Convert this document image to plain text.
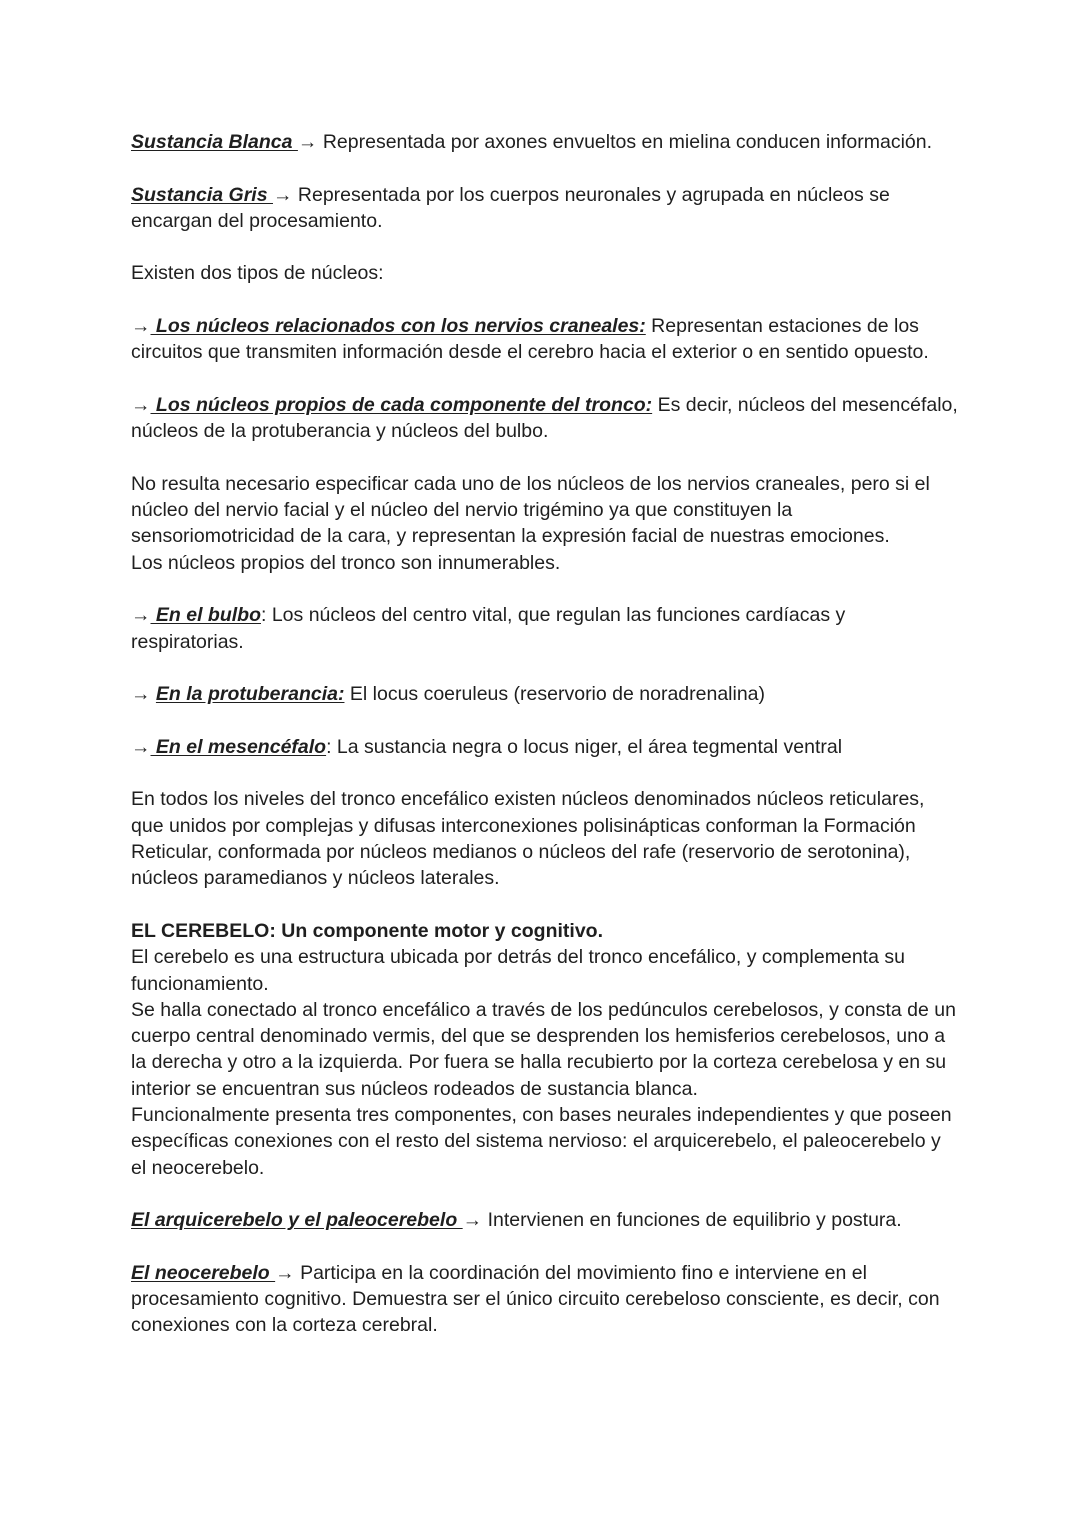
Sustancia Blanca → Representada por axones envueltos en mielina conducen información.

Sustancia Gris → Representada por los cuerpos neuronales y agrupada en núcleos se encargan del procesamiento.

Existen dos tipos de núcleos:

→ Los núcleos relacionados con los nervios craneales: Representan estaciones de los circuitos que transmiten información desde el cerebro hacia el exterior o en sentido opuesto.

→ Los núcleos propios de cada componente del tronco: Es decir, núcleos del mesencéfalo, núcleos de la protuberancia y núcleos del bulbo.

No resulta necesario especificar cada uno de los núcleos de los nervios craneales, pero si el núcleo del nervio facial y el núcleo del nervio trigémino ya que constituyen la sensoriomotricidad de la cara, y representan la expresión facial de nuestras emociones.
Los núcleos propios del tronco son innumerables.

→ En el bulbo: Los núcleos del centro vital, que regulan las funciones cardíacas y respiratorias.

→ En la protuberancia: El locus coeruleus (reservorio de noradrenalina)

→ En el mesencéfalo: La sustancia negra o locus niger, el área tegmental ventral

En todos los niveles del tronco encefálico existen núcleos denominados núcleos reticulares, que unidos por complejas y difusas interconexiones polisinápticas conforman la Formación Reticular, conformada por núcleos medianos o núcleos del rafe (reservorio de serotonina), núcleos paramedianos y núcleos laterales.

EL CEREBELO: Un componente motor y cognitivo.
El cerebelo es una estructura ubicada por detrás del tronco encefálico, y complementa su funcionamiento.
Se halla conectado al tronco encefálico a través de los pedúnculos cerebelosos, y consta de un cuerpo central denominado vermis, del que se desprenden los hemisferios cerebelosos, uno a la derecha y otro a la izquierda. Por fuera se halla recubierto por la corteza cerebelosa y en su interior se encuentran sus núcleos rodeados de sustancia blanca.
Funcionalmente presenta tres componentes, con bases neurales independientes y que poseen específicas conexiones con el resto del sistema nervioso: el arquicerebelo, el paleocerebelo y el neocerebelo.

El arquicerebelo y el paleocerebelo → Intervienen en funciones de equilibrio y postura.

El neocerebelo → Participa en la coordinación del movimiento fino e interviene en el procesamiento cognitivo. Demuestra ser el único circuito cerebeloso consciente, es decir, con conexiones con la corteza cerebral.
